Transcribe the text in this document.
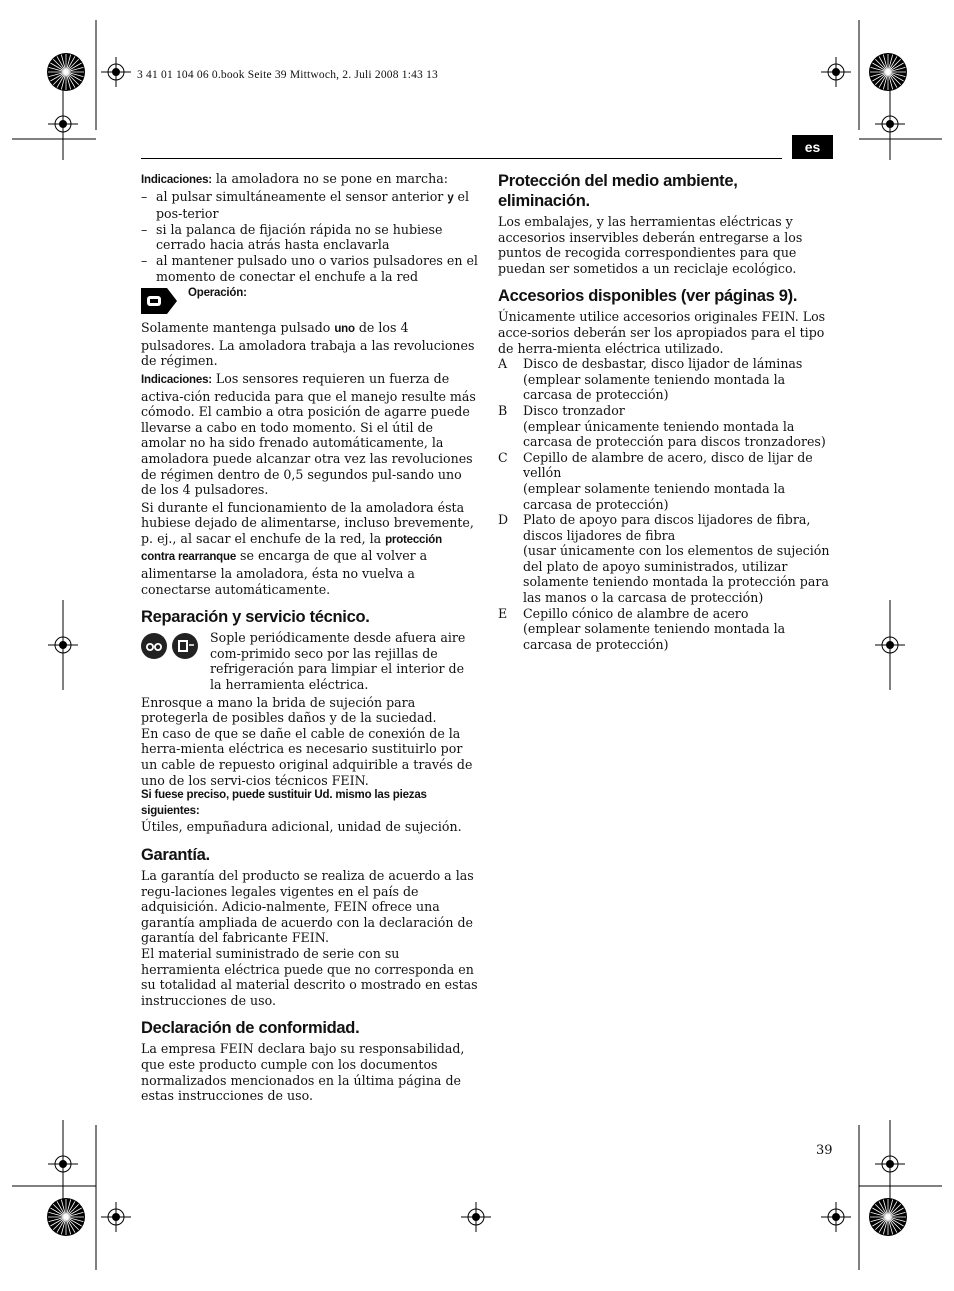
3 41 01 104 06 0.book Seite 39 Mittwoch, 2. Juli 2008 1:43 13
es

Indicaciones: la amoladora no se pone en marcha:

– al pulsar simultáneamente el sensor anterior y el pos-terior
– si la palanca de fijación rápida no se hubiese cerrado hacia atrás hasta enclavarla
– al mantener pulsado uno o varios pulsadores en el momento de conectar el enchufe a la red
Operación:

Solamente mantenga pulsado uno de los 4 pulsadores. La amoladora trabaja a las revoluciones de régimen.

Indicaciones: Los sensores requieren un fuerza de activa-ción reducida para que el manejo resulte más cómodo. El cambio a otra posición de agarre puede llevarse a cabo en todo momento. Si el útil de amolar no ha sido frenado automáticamente, la amoladora puede alcanzar otra vez las revoluciones de régimen dentro de 0,5 segundos pul-sando uno de los 4 pulsadores.

Si durante el funcionamiento de la amoladora ésta hubiese dejado de alimentarse, incluso brevemente, p. ej., al sacar el enchufe de la red, la protección contra rearranque se encarga de que al volver a alimentarse la amoladora, ésta no vuelva a conectarse automáticamente.

Reparación y servicio técnico.

Sople periódicamente desde afuera aire com-primido seco por las rejillas de refrigeración para limpiar el interior de la herramienta eléctrica.

Enrosque a mano la brida de sujeción para protegerla de posibles daños y de la suciedad.

En caso de que se dañe el cable de conexión de la herra-mienta eléctrica es necesario sustituirlo por un cable de repuesto original adquirible a través de uno de los servi-cios técnicos FEIN.

Si fuese preciso, puede sustituir Ud. mismo las piezas siguientes:

Útiles, empuñadura adicional, unidad de sujeción.

Garantía.

La garantía del producto se realiza de acuerdo a las regu-laciones legales vigentes en el país de adquisición. Adicio-nalmente, FEIN ofrece una garantía ampliada de acuerdo con la declaración de garantía del fabricante FEIN.

El material suministrado de serie con su herramienta eléctrica puede que no corresponda en su totalidad al material descrito o mostrado en estas instrucciones de uso.

Declaración de conformidad.

La empresa FEIN declara bajo su responsabilidad, que este producto cumple con los documentos normalizados mencionados en la última página de estas instrucciones de uso.

Protección del medio ambiente, eliminación.

Los embalajes, y las herramientas eléctricas y accesorios inservibles deberán entregarse a los puntos de recogida correspondientes para que puedan ser sometidos a un reciclaje ecológico.

Accesorios disponibles (ver páginas 9).

Únicamente utilice accesorios originales FEIN. Los acce-sorios deberán ser los apropiados para el tipo de herra-mienta eléctrica utilizado.

A Disco de desbastar, disco lijador de láminas
(emplear solamente teniendo montada la carcasa de protección)
B Disco tronzador
(emplear únicamente teniendo montada la carcasa de protección para discos tronzadores)
C Cepillo de alambre de acero, disco de lijar de vellón
(emplear solamente teniendo montada la carcasa de protección)
D Plato de apoyo para discos lijadores de fibra, discos lijadores de fibra
(usar únicamente con los elementos de sujeción del plato de apoyo suministrados, utilizar solamente teniendo montada la protección para las manos o la carcasa de protección)
E Cepillo cónico de alambre de acero
(emplear solamente teniendo montada la carcasa de protección)
39
